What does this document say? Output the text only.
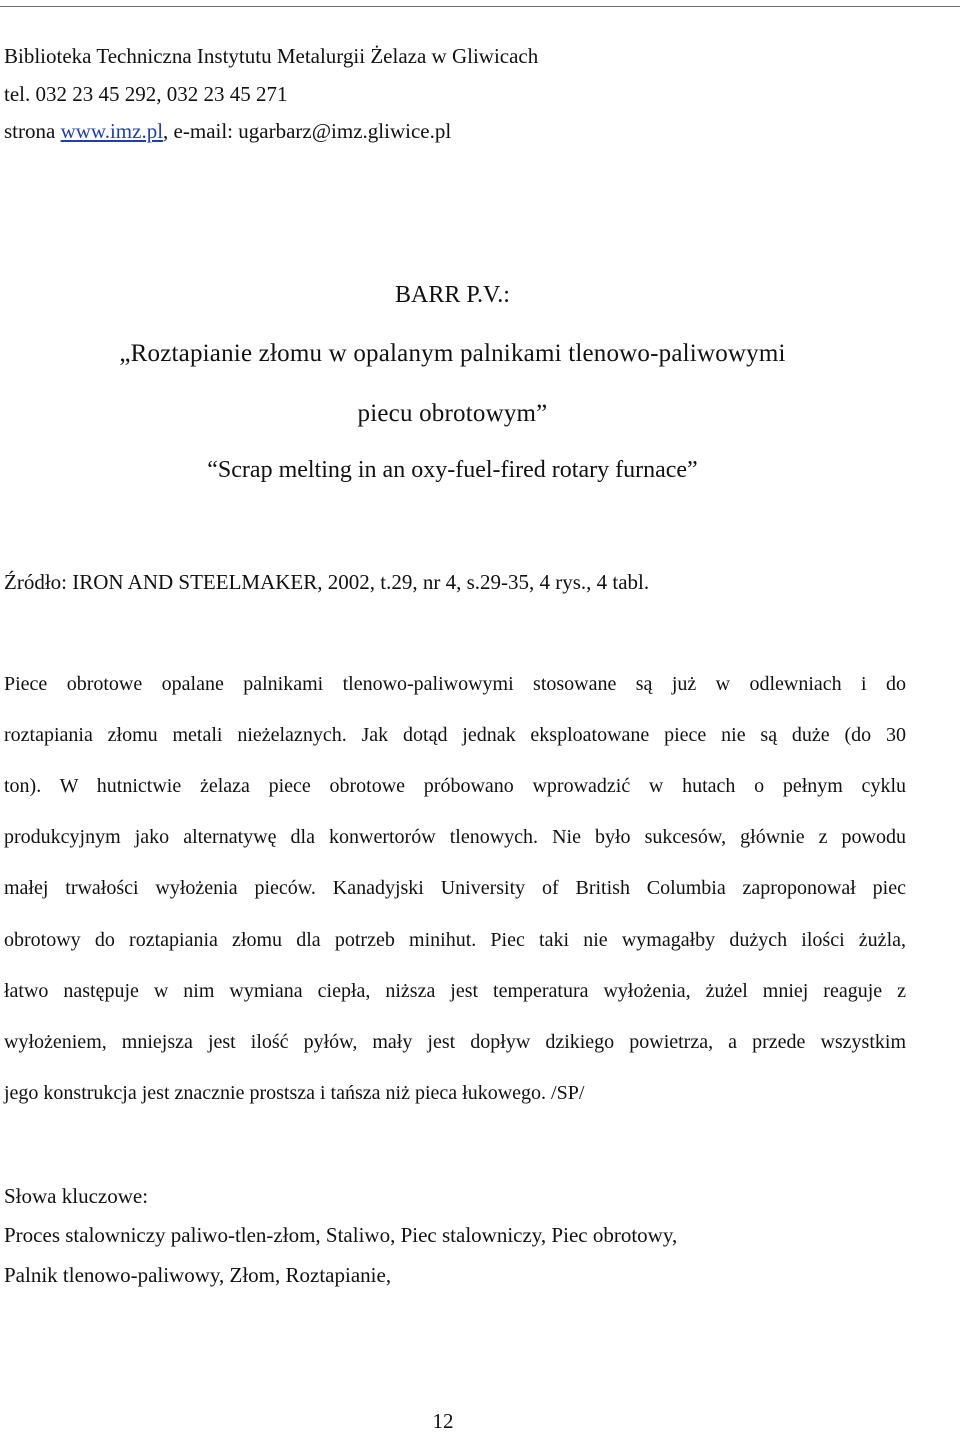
Biblioteka Techniczna Instytutu Metalurgii Żelaza w Gliwicach
tel. 032 23 45 292, 032 23 45 271
strona www.imz.pl, e-mail: ugarbarz@imz.gliwice.pl
BARR P.V.:
„Roztapianie złomu w opalanym palnikami tlenowo-paliwowymi
piecu obrotowym”
“Scrap melting in an oxy-fuel-fired rotary furnace”
Źródło: IRON AND STEELMAKER, 2002, t.29, nr 4, s.29-35, 4 rys., 4 tabl.
Piece obrotowe opalane palnikami tlenowo-paliwowymi stosowane są już w odlewniach i do
roztapiania złomu metali nieżelaznych. Jak dotąd jednak eksploatowane piece nie są duże (do 30
ton). W hutnictwie żelaza piece obrotowe próbowano wprowadzić w hutach o pełnym cyklu
produkcyjnym jako alternatywę dla konwertorów tlenowych. Nie było sukcesów, głównie z powodu
małej trwałości wyłożenia pieców. Kanadyjski University of British Columbia zaproponował piec
obrotowy do roztapiania złomu dla potrzeb minihut. Piec taki nie wymagałby dużych ilości żużla,
łatwo następuje w nim wymiana ciepła, niższa jest temperatura wyłożenia, żużel mniej reaguje z
wyłożeniem, mniejsza jest ilość pyłów, mały jest dopływ dzikiego powietrza, a przede wszystkim
jego konstrukcja jest znacznie prostsza i tańsza niż pieca łukowego. /SP/
Słowa kluczowe:
Proces stalowniczy paliwo-tlen-złom, Staliwo, Piec stalowniczy, Piec obrotowy,
Palnik tlenowo-paliwowy, Złom, Roztapianie,
12
